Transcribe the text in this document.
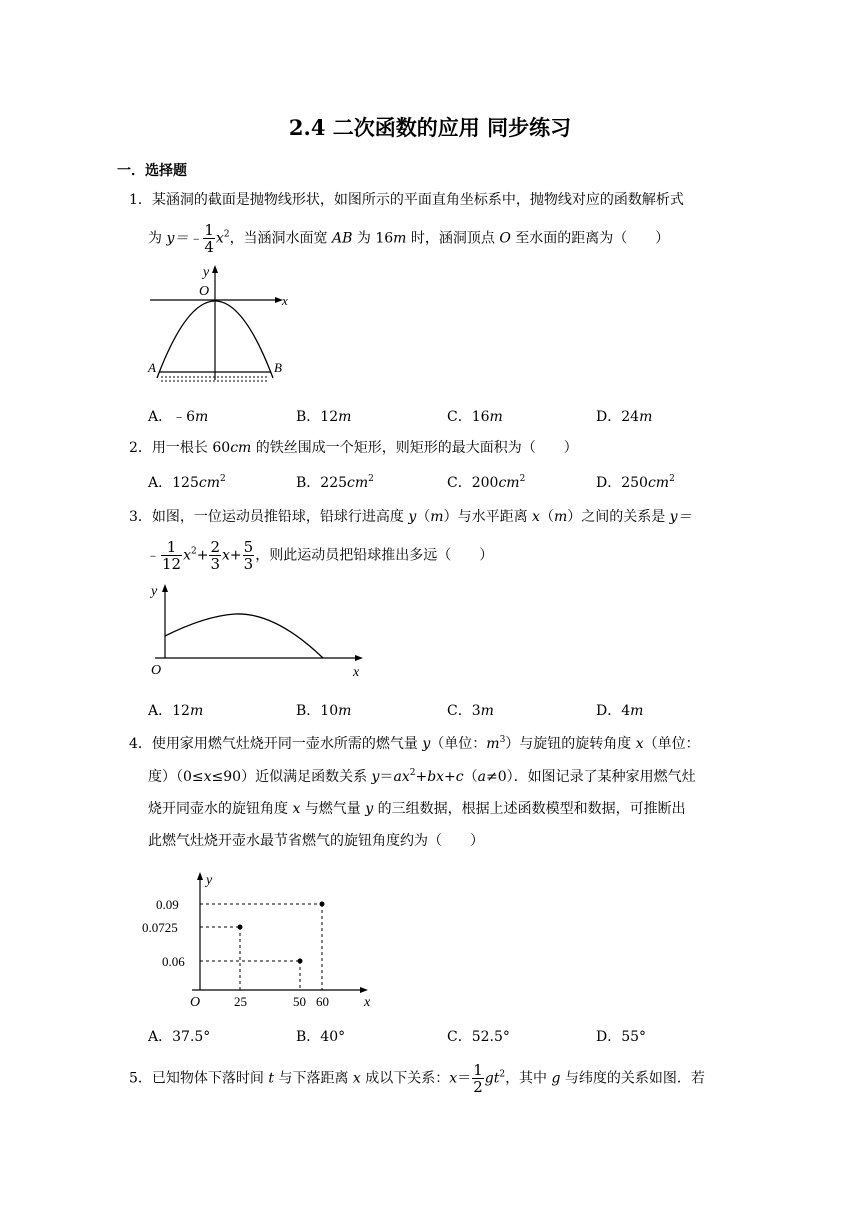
2.4 二次函数的应用 同步练习
一．选择题
1．某涵洞的截面是抛物线形状，如图所示的平面直角坐标系中，抛物线对应的函数解析式
为 y＝﹣ $\frac{1}{4} x^2$，当涵洞水面宽 AB 为 16m 时，涵洞顶点 O 至水面的距离为（　　）
y
O
x
A	B
A．﹣6m	B．12m	C．16m	D．24m
2．用一根长 60cm 的铁丝围成一个矩形，则矩形的最大面积为（　　）
A．$125cm^2$	B．$225cm^2$	C．$200cm^2$	D．$250cm^2$
3．如图，一位运动员推铅球，铅球行进高度 y（m）与水平距离 x（m）之间的关系是 y＝
﹣ $\frac{1}{12} x^2+ \frac{2}{3} x+ \frac{5}{3}$ ，则此运动员把铅球推出多远（　　）
y
O	x
A．12m	B．10m	C．3m	D．4m
4．使用家用燃气灶烧开同一壶水所需的燃气量 y（单位：$m^3$）与旋钮的旋转角度 x（单位：
度）（0≤x≤90）近似满足函数关系 $y=ax^2+bx+c(a\ne 0)$．如图记录了某种家用燃气灶
烧开同壶水的旋钮角度 x 与燃气量 y 的三组数据，根据上述函数模型和数据，可推断出
此燃气灶烧开壶水最节省燃气的旋钮角度约为（　　）
y
0.09
0.0725
0.06
O	25	50 60	x
A．37.5°	B．40°	C．52.5°	D．55°
5．已知物体下落时间 t 与下落距离 x 成以下关系：$x= \frac{1}{2} gt^2$，其中 g 与纬度的关系如图．若
